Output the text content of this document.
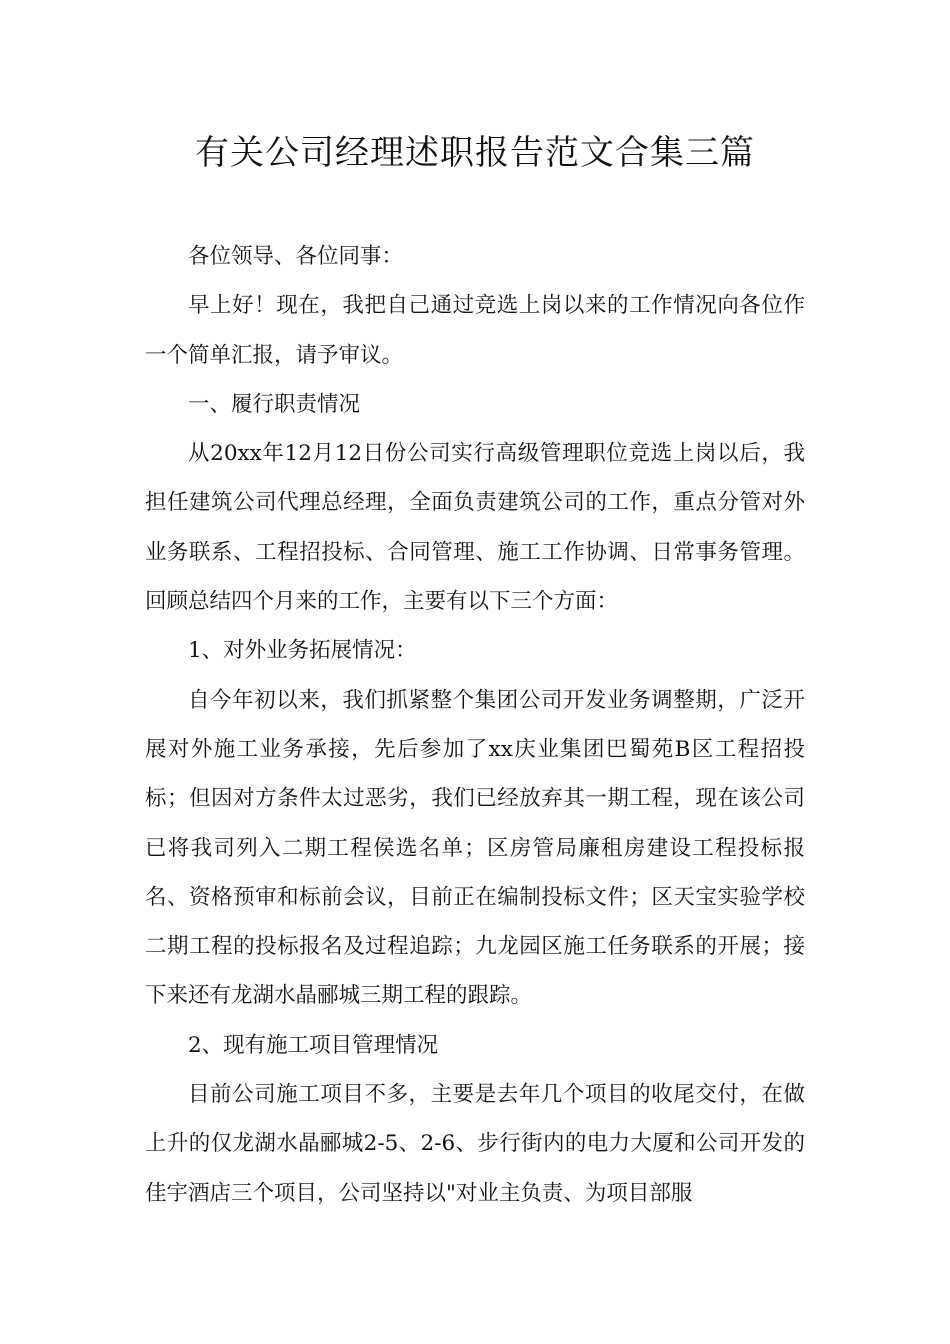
有关公司经理述职报告范文合集三篇

各位领导、各位同事：

早上好！现在，我把自己通过竞选上岗以来的工作情况向各位作一个简单汇报，请予审议。

一、履行职责情况

从20xx年12月12日份公司实行高级管理职位竞选上岗以后，我担任建筑公司代理总经理，全面负责建筑公司的工作，重点分管对外业务联系、工程招投标、合同管理、施工工作协调、日常事务管理。回顾总结四个月来的工作，主要有以下三个方面：

1、对外业务拓展情况：

自今年初以来，我们抓紧整个集团公司开发业务调整期，广泛开展对外施工业务承接，先后参加了xx庆业集团巴蜀苑B区工程招投标；但因对方条件太过恶劣，我们已经放弃其一期工程，现在该公司已将我司列入二期工程侯选名单；区房管局廉租房建设工程投标报名、资格预审和标前会议，目前正在编制投标文件；区天宝实验学校二期工程的投标报名及过程追踪；九龙园区施工任务联系的开展；接下来还有龙湖水晶郦城三期工程的跟踪。

2、现有施工项目管理情况

目前公司施工项目不多，主要是去年几个项目的收尾交付，在做上升的仅龙湖水晶郦城2-5、2-6、步行街内的电力大厦和公司开发的佳宇酒店三个项目，公司坚持以"对业主负责、为项目部服
